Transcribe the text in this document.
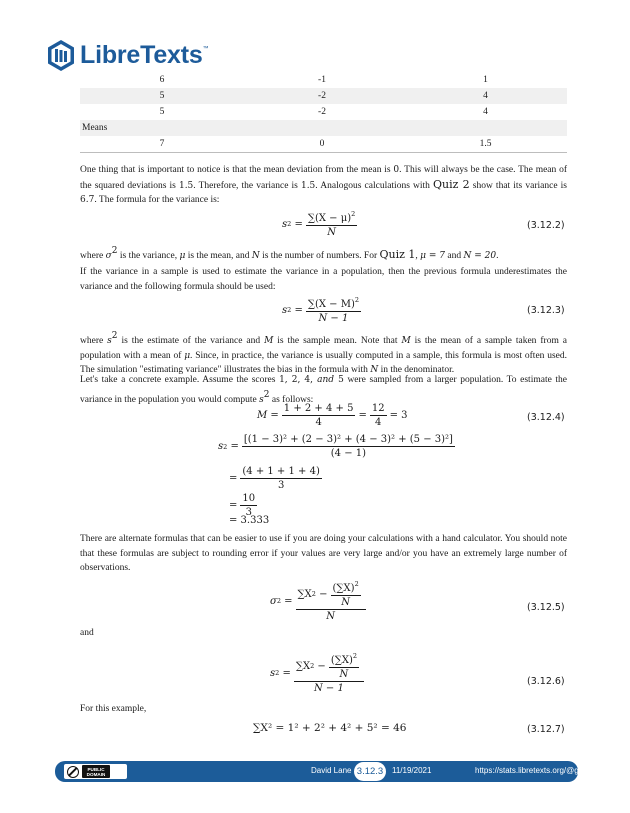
LibreTexts ™
6	-1	1
5	-2	4
5	-2	4
Means		
7	0	1.5
One thing that is important to notice is that the mean deviation from the mean is 0. This will always be the case. The mean of the squared deviations is 1.5. Therefore, the variance is 1.5. Analogous calculations with Quiz 2 show that its variance is 6.7. The formula for the variance is:
s $2 = \frac{\sum(X - \mu)^2}{N}$	(3.12.2)
where $\sigma^2$ is the variance, μ is the mean, and N is the number of numbers. For Quiz 1, μ = 7 and N = 20.
If the variance in a sample is used to estimate the variance in a population, then the previous formula underestimates the variance and the following formula should be used:
s $2 = \frac{\sum(X - M)^2}{N - 1}$	(3.12.3)
where $s^2$ is the estimate of the variance and M is the sample mean. Note that M is the mean of a sample taken from a population with a mean of μ. Since, in practice, the variance is usually computed in a sample, this formula is most often used. The simulation "estimating variance" illustrates the bias in the formula with N in the denominator.
Let's take a concrete example. Assume the scores 1, 2, 4, and 5 were sampled from a larger population. To estimate the variance in the population you would compute $s^2$ as follows:
$M = \frac{1 + 2 + 4 + 5}{4} = \frac{12}{4} = 3$	(3.12.4)
s $2 = \frac{\text{[(1 − 3)² + (2 − 3)² + (4 − 3)² + (5 − 3)²]}}{(4 - 1)}$
= $\frac{(4 + 1 + 1 + 4)}{3}$
= $\frac{10}{3}$
= 3.333
There are alternate formulas that can be easier to use if you are doing your calculations with a hand calculator. You should note that these formulas are subject to rounding error if your values are very large and/or you have an extremely large number of observations.
σ $2 = \frac{\sum X 2 - \frac{(\sum X)^2}{N}}{N}$	(3.12.5)
and
s $2 = \frac{\sum X 2 - \frac{(\sum X)^2}{N}}{N - 1}$	(3.12.6)
For this example,
∑X² = 1² + 2² + 4² + 5² = 46	(3.12.7)
PUBLIC
DOMAIN	David Lane 3.12.3	11/19/2021	https://stats.libretexts.org/@go/page/2306
